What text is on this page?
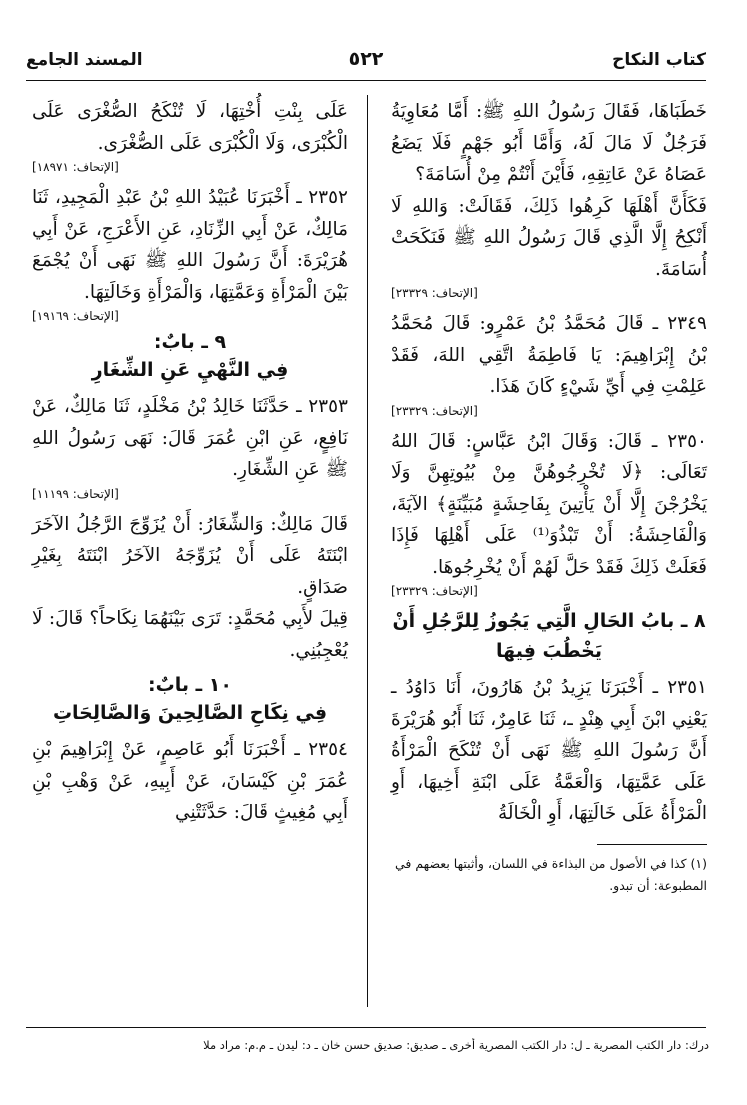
كتاب النكاح
٥٢٢
المسند الجامع

خَطَبَاهَا، فَقَالَ رَسُولُ اللهِ ﷺ: أَمَّا مُعَاوِيَةُ فَرَجُلٌ لَا مَالَ لَهُ، وَأَمَّا أَبُو جَهْمٍ فَلَا يَضَعُ عَصَاهُ عَنْ عَاتِقِهِ، فَأَيْنَ أَنْتُمْ مِنْ أُسَامَةَ؟

فَكَأَنَّ أَهْلَهَا كَرِهُوا ذَلِكَ، فَقَالَتْ: وَاللهِ لَا أَنْكِحُ إِلَّا الَّذِي قَالَ رَسُولُ اللهِ ﷺ فَنَكَحَتْ أُسَامَةَ.

[الإتحاف: ٢٣٣٢٩]

٢٣٤٩ ـ قَالَ مُحَمَّدُ بْنُ عَمْرٍو: قَالَ مُحَمَّدُ بْنُ إِبْرَاهِيمَ: يَا فَاطِمَةُ اتَّقِي اللهَ، فَقَدْ عَلِمْتِ فِي أَيِّ شَيْءٍ كَانَ هَذَا.

[الإتحاف: ٢٣٣٢٩]

٢٣٥٠ ـ قَالَ: وَقَالَ ابْنُ عَبَّاسٍ: قَالَ اللهُ تَعَالَى: ﴿لَا تُخْرِجُوهُنَّ مِنْ بُيُوتِهِنَّ وَلَا يَخْرُجْنَ إِلَّا أَنْ يَأْتِينَ بِفَاحِشَةٍ مُبَيِّنَةٍ﴾ الآيَةَ، وَالْفَاحِشَةُ: أَنْ تَبْذُوَ⁽¹⁾ عَلَى أَهْلِهَا فَإِذَا فَعَلَتْ ذَلِكَ فَقَدْ حَلَّ لَهُمْ أَنْ يُخْرِجُوهَا.

[الإتحاف: ٢٣٣٢٩]
٨ ـ بابُ الحَالِ الَّتِي يَجُوزُ لِلرَّجُلِ أَنْ يَخْطُبَ فِيهَا

٢٣٥١ ـ أَخْبَرَنَا يَزِيدُ بْنُ هَارُونَ، أَنَا دَاوُدُ ـ يَعْنِي ابْنَ أَبِي هِنْدٍ ـ، ثَنَا عَامِرٌ، ثَنَا أَبُو هُرَيْرَةَ أَنَّ رَسُولَ اللهِ ﷺ نَهَى أَنْ تُنْكَحَ الْمَرْأَةُ عَلَى عَمَّتِهَا، وَالْعَمَّةُ عَلَى ابْنَةِ أَخِيهَا، أَوِ الْمَرْأَةُ عَلَى خَالَتِهَا، أَوِ الْخَالَةُ

(١) كذا في الأصول من البذاءة في اللسان، وأثبتها بعضهم في المطبوعة: أن تبدو.

عَلَى بِنْتِ أُخْتِهَا، لَا تُنْكَحُ الصُّغْرَى عَلَى الْكُبْرَى، وَلَا الْكُبْرَى عَلَى الصُّغْرَى.

[الإتحاف: ١٨٩٧١]

٢٣٥٢ ـ أَخْبَرَنَا عُبَيْدُ اللهِ بْنُ عَبْدِ الْمَجِيدِ، ثَنَا مَالِكٌ، عَنْ أَبِي الزِّنَادِ، عَنِ الأَعْرَجِ، عَنْ أَبِي هُرَيْرَةَ: أَنَّ رَسُولَ اللهِ ﷺ نَهَى أَنْ يُجْمَعَ بَيْنَ الْمَرْأَةِ وَعَمَّتِهَا، وَالْمَرْأَةِ وَخَالَتِهَا.

[الإتحاف: ١٩١٦٩]
٩ ـ بابٌ:
فِي النَّهْيِ عَنِ الشِّغَارِ

٢٣٥٣ ـ حَدَّثَنَا خَالِدُ بْنُ مَخْلَدٍ، ثَنَا مَالِكٌ، عَنْ نَافِعٍ، عَنِ ابْنِ عُمَرَ قَالَ: نَهَى رَسُولُ اللهِ ﷺ عَنِ الشِّغَارِ.

[الإتحاف: ١١١٩٩]

قَالَ مَالِكٌ: وَالشِّغَارُ: أَنْ يُزَوِّجَ الرَّجُلُ الآخَرَ ابْنَتَهُ عَلَى أَنْ يُزَوِّجَهُ الآخَرُ ابْنَتَهُ بِغَيْرِ صَدَاقٍ.

قِيلَ لأَبِي مُحَمَّدٍ: تَرَى بَيْنَهُمَا نِكَاحاً؟ قَالَ: لَا يُعْجِبُنِي.

١٠ ـ بابٌ:
فِي نِكَاحِ الصَّالِحِينَ وَالصَّالِحَاتِ

٢٣٥٤ ـ أَخْبَرَنَا أَبُو عَاصِمٍ، عَنْ إِبْرَاهِيمَ بْنِ عُمَرَ بْنِ كَيْسَانَ، عَنْ أَبِيهِ، عَنْ وَهْبِ بْنِ أَبِي مُغِيثٍ قَالَ: حَدَّثَتْنِي

درك: دار الكتب المصرية ـ ل: دار الكتب المصرية أخرى ـ صديق: صديق حسن خان ـ د: ليدن ـ م.م: مراد ملا
